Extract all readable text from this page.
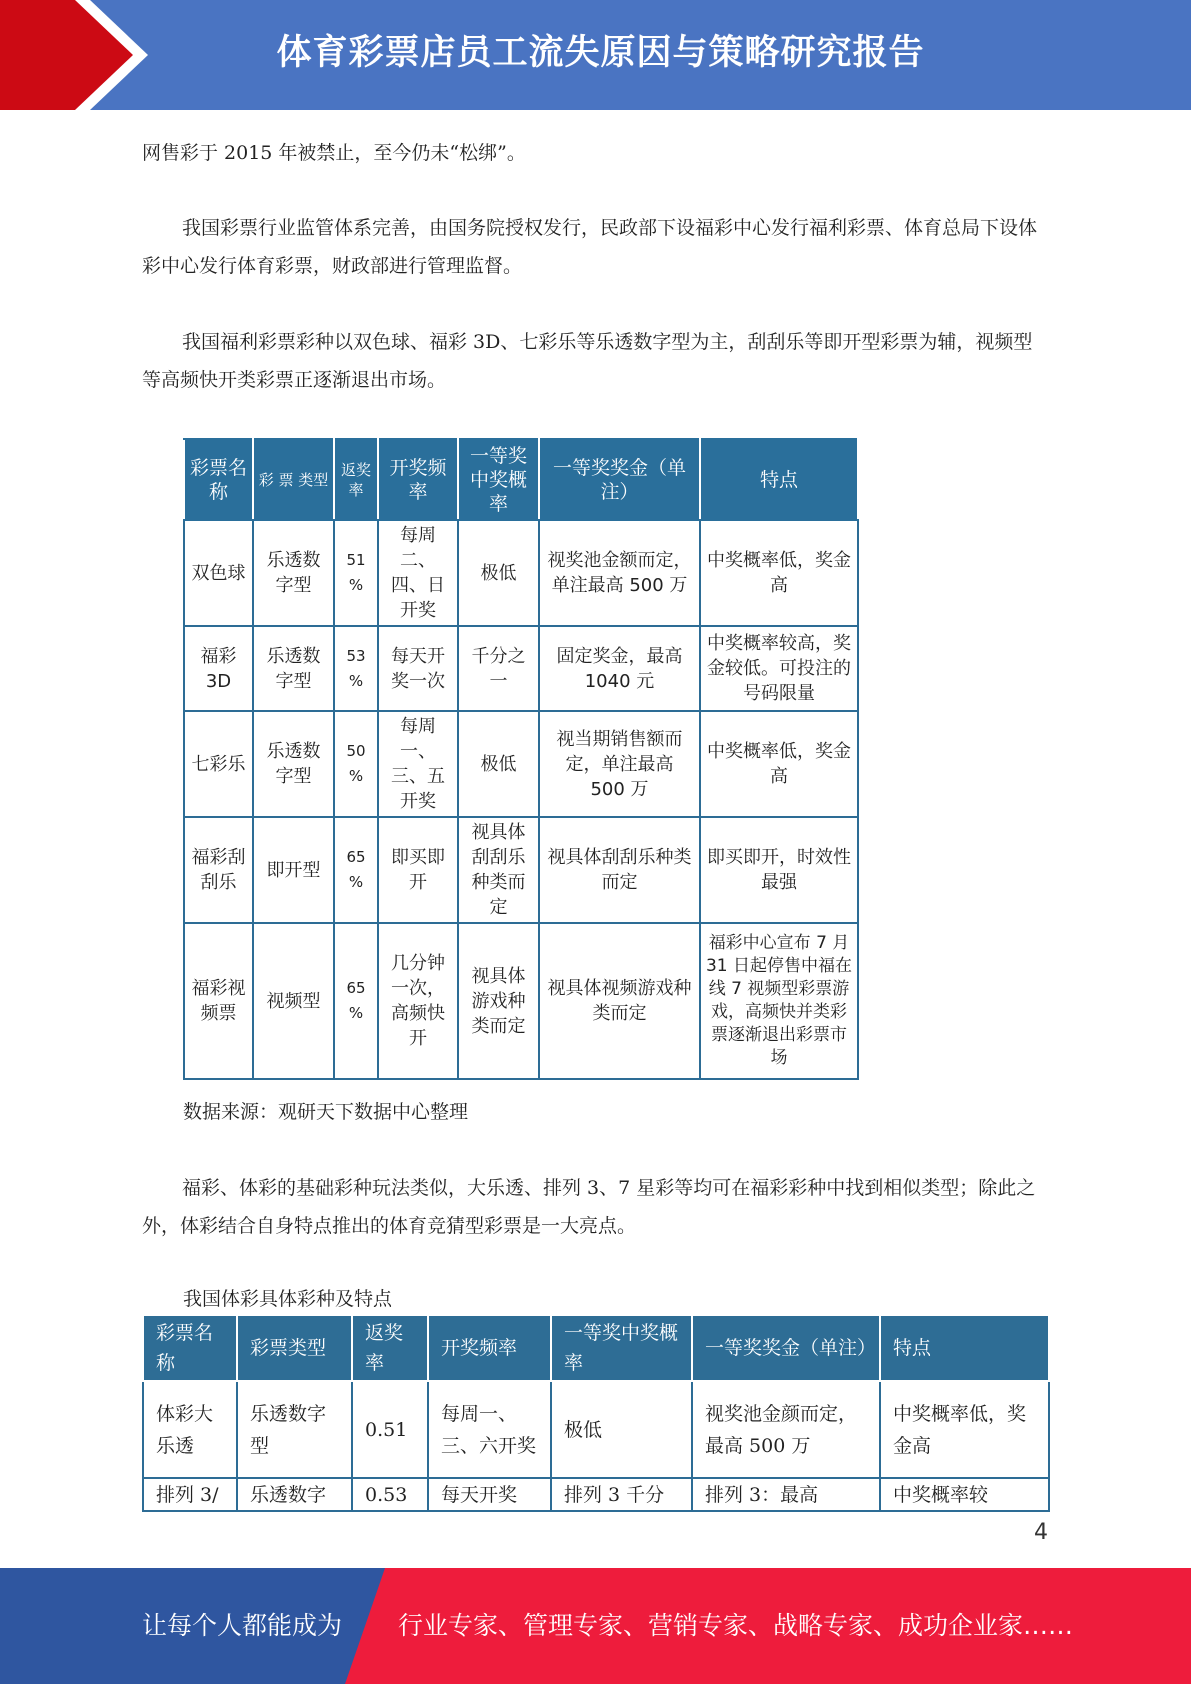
体育彩票店员工流失原因与策略研究报告

网售彩于 2015 年被禁止，至今仍未“松绑”。

我国彩票行业监管体系完善，由国务院授权发行，民政部下设福彩中心发行福利彩票、体育总局下设体彩中心发行体育彩票，财政部进行管理监督。

我国福利彩票彩种以双色球、福彩 3D、七彩乐等乐透数字型为主，刮刮乐等即开型彩票为辅，视频型等高频快开类彩票正逐渐退出市场。

彩票名称	彩 票 类型	返奖率	开奖频率	一等奖中奖概率	一等奖奖金（单注）	特点
双色球	乐透数字型	51 %	每周二、四、日开奖	极低	视奖池金额而定，单注最高 500 万	中奖概率低，奖金高
福彩 3D	乐透数字型	53 %	每天开奖一次	千分之一	固定奖金，最高 1040 元	中奖概率较高，奖金较低。可投注的号码限量
七彩乐	乐透数字型	50 %	每周一、三、五开奖	极低	视当期销售额而定，单注最高 500 万	中奖概率低，奖金高
福彩刮刮乐	即开型	65 %	即买即开	视具体刮刮乐种类而定	视具体刮刮乐种类而定	即买即开，时效性最强
福彩视频票	视频型	65 %	几分钟一次，高频快开	视具体游戏种类而定	视具体视频游戏种类而定	福彩中心宣布 7 月 31 日起停售中福在线 7 视频型彩票游戏，高频快并类彩票逐渐退出彩票市场

数据来源：观研天下数据中心整理

福彩、体彩的基础彩种玩法类似，大乐透、排列 3、7 星彩等均可在福彩彩种中找到相似类型；除此之外，体彩结合自身特点推出的体育竞猜型彩票是一大亮点。

我国体彩具体彩种及特点

彩票名称	彩票类型	返奖率	开奖频率	一等奖中奖概率	一等奖奖金（单注）	特点
体彩大乐透	乐透数字型	0.51	每周一、三、六开奖	极低	视奖池金颜而定，最高 500 万	中奖概率低，奖金高
排列 3/	乐透数字	0.53	每天开奖	排列 3 千分	排列 3：最高	中奖概率较
4
让每个人都能成为 行业专家、管理专家、营销专家、战略专家、成功企业家……
